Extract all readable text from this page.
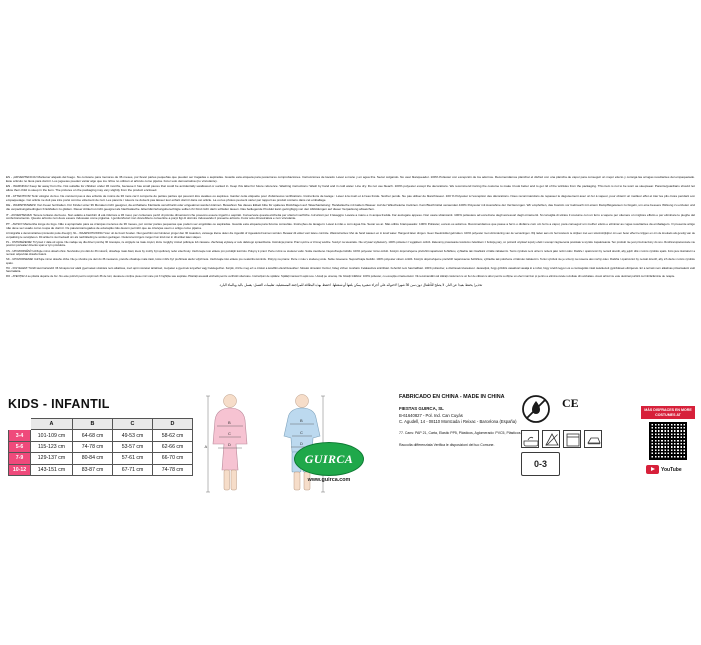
ES - ¡ADVERTENCIA! Mantener alejado del fuego. No conviene para menores de 36 meses, por llevar partes pequeñas que pueden ser tragadas o aspiradas. Guarde esta etiqueta para posteriores comprobaciones. Instrucciones de lavado: Lavar a mano y en agua fría. Secar colgando. No usar blanqueador. 100% Poliester con excepción de los adornos. Recomendamos planchar el disfraz con una plancha de vapor para conseguir un mejor efecto y consiga las arrugas resultantes del empaquetado. Este articulo no lleva para dormir. Los juguetes pueden variar algo que los niños no utilicen el articulo como pijama. Foto/ solo demostrativa (no vinculante).

EN - WARNING! Keep far away from fire. Not suitable for children under 36 months, because it has small pieces that could be accidentally swallowed or sucked in. Keep this label for future reference. Washing instructions: Wash by hand and in cold water. Line dry. Do not use bleach. 100% polyester except the decorations. We recommend ironing the costume to make it look better and to get rid of the wrinkles from the packaging. This item is not to be worn as sleepwear. Parents/guardians should not allow their child to sleep in the item. The pictures on the packaging may vary slightly from the product enclosed.

FR - ATTENTION! Tenir éloigné du feu. Ne convient pas à des enfants de moins de 36 mois car il comporte de petites parties qui peuvent être avalées ou aspirées. Garder cette étiquette pour d'ultérieures vérifications. Instructions de lavage : Laver à la main et à l'eau froide. Sécher pendu. Ne pas utiliser de blanchisseur. 100 % Polyester à l'exception des décorations. Nous recommandons de repasser le déguisement avec un fer à vapeur, pour obtenir un meilleur effet et ôter les plis créés pendant son empaquetage. Cet article ne doit pas être porté comme vêtement de nuit. Les parents / tuteurs ne doivent pas laisser leur enfant dormir dans cet article. La ou les photos peuvent varier par rapport au produit contenu dans cet emballage.

DE - WARNHINWEIS! Von Feuer fernhalten. Für Kinder unter 36 Monaten nicht geeignet, da enthaltene Kleinteile verschluckt oder eingeatmet werden können. Bewahren Sie dieses Etikett bitte für späteres Rückfragen auf. Waschanleitung: Handwäsche mit kaltem Wasser. Auf der Wäscheleine trocknen. Kein Bleichmittel verwenden.100% Polyester mit Ausnahme der Verzierungen. Wir empfehlen, das Kostüm vor Gebrauch mit einem Dampfbügeleisen zu bügeln, um eine bessere Wirkung zu erzielen und die verpackungsbedingten Knickfalten zu glätten. Dieser Artikel ist nicht geeignet als Nachtwäsche. Eltern/Erziehungsberechtigte sollten ihr Kind nicht darin schlafen lassen. Das beiliegende Produkt kann geringfügig von den Abbildungen auf dieser Verpackung abweichen.

IT - AVVERTENZA! Tenere lontano da fuoco. Non adatto a bambini di età inferiore a 36 mesi, per contenere pezzi di piccole dimensioni che possono essere ingeriti o aspirati. Conservare questa etichetta per ulteriori verifiche. Istruzioni per il lavaggio: Lavare a mano e in acqua fredda. Far asciugare appeso. Non usare sbiancanti. 100% poliestere ad eccezione degli accessori degli ornamenti. Si consiglia di stirare il costume con un ferro a vapore per ottenere un migliore effetto e per eliminare le pieghe del confezionamento. Questo articolo non deve essere indossato come pigiama. I genitori/tutori non dovrebbero consentire a porpi figi di dormire indossando il presente articolo. Foto/ solo dimostrativa e non vincolante.

PT - AVISO! Mantenha longe do fogo. Não é apropriado para as crianças menores de 36 meses, por conter partes pequenas que podem ser engolidas ou aspiradas. Guarde esta etiqueta para futuros consultas. Instruções de lavagem: Lavar à mão e com água fria. Secar ao ar. Não utilize branqueador. 100% Poliéster, exceto os adornos. Recomendamos que passe a ferro o disfarce com um ferro a vapor, para conseguir um melhor efeito e eliminar as rugas resultantes da embalagem. O presente artigo não deve ser usado como roupa de dormir. Os pais/encarregados de educação não devem permitir que as crianças usem o artigo como pijama.

A fotografia é demonstrativa (conteúdo pode divergir). NL - WAARSCHUWING! Vuur uit de buurt houden. Niet geschikt voor kinderen jonger dan 36 maanden, vanwege kleine delen die ingeslikt of ingeademd kunnen worden. Bewaar dit etiket voor latere controle. Wasinstructies: Met de hand wassen en in koud water. Hangend laten drogen. Geen bleekmiddel gebruiken. 100% polyester met uitzondering van de versieringen. Wij raden aan om het kostuum te strijken met een stoomstrijkijzer om een beter effect te krijgen en om de kreukels als gevolg van de verpakking te verwijderen. Dit artikel is niet bedoeld om als nachtkleding te worden gedragen. Ouders/verzorgers mogen hun kind niet in dit artikel laten slapen.

PL - OSTRZEŻENIE! Trzymać z dala od ognia. Nie nadaje się dla dzieci poniżej 36 miesiąca, ze względu na małe części, które mogłyby zostać połknięte lub zassane. Zachowaj etykietę w celu dalszego sprawdzania. Instrukcja prania: Prać ręcznie w zimnej wodzie. Suszyć na wieszaku. Nie używać wybielaczy. 100% poliester z wyjątkiem ozdób. Zalecamy prasowanie kostiumu żelazkiem z funkcją pary, co pozwoli uzyskać lepszy efekt i usunąć zagniecenia powstałe w wyniku zapakowania. Ten produkt nie jest przeznaczony do snu. Rodzice/opiekunowie nie powinni pozwalać dziecku spać w tym produkcie.

CS - UPOZORNĚNÍ! Udržujte mimo dosah ohně. Nevhodné pro děti do 36 měsíců, obsahuje malé části, které by mohly být spolknuty nebo vdechnuty. Uschovejte tuto etiketu pro pozdější kontrolu. Pokyny k praní: Perte ručně ve studené vodě. Sušte zavěšené. Nepoužívejte bělidlo. 100% polyester mimo ozdob. Kostým doporučujeme přežehlit napařovací žehličkou, vyhladíte tak zmačkání vzniklé zabalením. Tento výrobek není určen k nošení jako noční oděv. Rodiče / opatrovníci by neměli dovolit, aby jejich dítě v tomto výrobku spalo. Foto jsou ilustrativní a nemusí odpovídat obsahu balení.

SK - UPOZORNENIE! Udržujte mimo dosahu ohňa. Nie je vhodné pre deti do 36 mesiacov, pretože obsahuje malé časti, ktoré môžu byť prehltnuté alebo vdýchnuté. Uschovajte túto etiketu pre neskoršiu kontrolu. Pokyny na pranie: Perte v ruke v studenej vode. Sušte zavesené. Nepoužívajte bielidlo. 100% polyester okrem ozdôb. Kostým doporučujeme prežehliť naparovacou žehličkou, vyhladíte tak pokrčenie vzniknuté zabalením. Tento výrobok nie je určený na nosenie ako nočný odev. Rodičia / opatrovníci by nemali dovoliť, aby ich dieťa v tomto výrobku spalo.

HU - FIGYELEM! Tűztől távol tartandó! 36 hónapos kor alatti gyermekek számára nem alkalmas, mert apró részeket tartalmaz, melyeket a gyermek lenyelhet vagy belélegezhet. Kérjük, őrizze meg ezt a címkét a későbbi ellenőrzésekhez. Mosási útmutató: Kézzel, hideg vízben mosható. Felakasztva szárítható. Fehérítő nem használható. 100% poliészter, a díszítések kivételével. Javasoljuk, hogy gőzölős vasalóval vasalja ki a ruhát, hogy szebb legyen és a csomagolás miatt keletkezett gyűrődések eltűnjenek. Ez a termék nem alkalmas pizsamaként való használatra.

RO - ATENȚIE! A se păstra departe de foc. Nu este potrivit pentru copiii sub 36 de luni, deoarece conține piese mici care pot fi înghițite sau aspirate. Păstrați această etichetă pentru verificări ulterioare. Instrucțiuni de spălare: Spălați manual în apă rece. Uscați pe umeraș. Nu folosiți înălbitor. 100% poliester, cu excepția ornamentelor. Vă recomandăm să călcați costumul cu un fier de călcat cu abur pentru a obține un efect mai bun și pentru a elimina cutele rezultate din ambalare. Acest articol nu este destinat purtării ca îmbrăcăminte de noapte.

تحذير! يحفظ بعيدا عن النار. لا يصلح للأطفال دون سن 36 شهرا لاحتوائه على أجزاء صغيرة يمكن بلعها أو شفطها. احتفظ بهذه البطاقة للمراجعة المستقبلية. تعليمات الغسل: يغسل باليد وبالماء البارد.

KIDS - INFANTIL
	A	B	C	D
3-4	101-109 cm	64-68 cm	49-53 cm	58-62 cm
5-6	115-123 cm	74-78 cm	53-57 cm	62-66 cm
7-9	129-137 cm	80-84 cm	57-61 cm	66-70 cm
10-12	143-151 cm	83-87 cm	67-71 cm	74-78 cm
A
B
C
D
B
C
D
GUIRCA
www.guirca.com
FABRICADO EN CHINA - MADE IN CHINA
FIESTAS GUIRCA, SL
B-61640827 - Pol. Ind. Can Cuyás
C. Agudell, 14 - 08110 Montcada i Reixac - Barcelona (España)
77. Cans: PAP 21, Carta, Elastic PP5, Plásticos, Aglomerado: PVC5, Plásticos.
Raccolta differenziata Verifica le disposizioni del tuo Comune.
CE
0-3
MÁS DISFRACES EN MORE COSTUMES AT
YouTube
